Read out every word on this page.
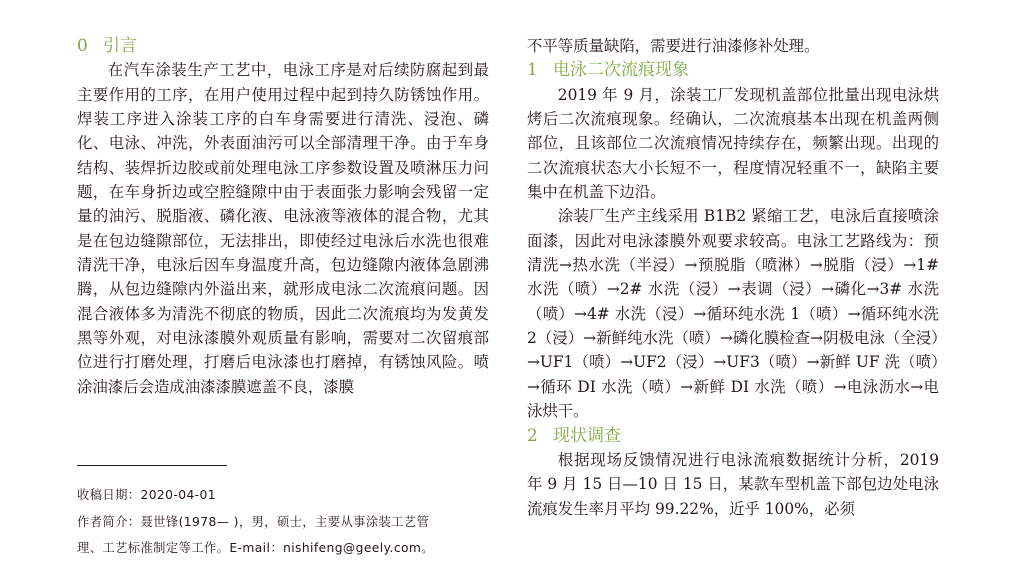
0 引言

在汽车涂装生产工艺中，电泳工序是对后续防腐起到最主要作用的工序，在用户使用过程中起到持久防锈蚀作用。焊装工序进入涂装工序的白车身需要进行清洗、浸泡、磷化、电泳、冲洗，外表面油污可以全部清理干净。由于车身结构、装焊折边胶或前处理电泳工序参数设置及喷淋压力问题，在车身折边或空腔缝隙中由于表面张力影响会残留一定量的油污、脱脂液、磷化液、电泳液等液体的混合物，尤其是在包边缝隙部位，无法排出，即使经过电泳后水洗也很难清洗干净，电泳后因车身温度升高，包边缝隙内液体急剧沸腾，从包边缝隙内外溢出来，就形成电泳二次流痕问题。因混合液体多为清洗不彻底的物质，因此二次流痕均为发黄发黑等外观，对电泳漆膜外观质量有影响，需要对二次留痕部位进行打磨处理，打磨后电泳漆也打磨掉，有锈蚀风险。喷涂油漆后会造成油漆漆膜遮盖不良，漆膜

收稿日期：2020-04-01
作者简介：聂世锋(1978— )，男，硕士，主要从事涂装工艺管
理、工艺标准制定等工作。E-mail：nishifeng@geely.com。

不平等质量缺陷，需要进行油漆修补处理。

1 电泳二次流痕现象

2019 年 9 月，涂装工厂发现机盖部位批量出现电泳烘烤后二次流痕现象。经确认，二次流痕基本出现在机盖两侧部位，且该部位二次流痕情况持续存在，频繁出现。出现的二次流痕状态大小长短不一，程度情况轻重不一，缺陷主要集中在机盖下边沿。

涂装厂生产主线采用 B1B2 紧缩工艺，电泳后直接喷涂面漆，因此对电泳漆膜外观要求较高。电泳工艺路线为：预清洗→热水洗（半浸）→预脱脂（喷淋）→脱脂（浸）→1# 水洗（喷）→2# 水洗（浸）→表调（浸）→磷化→3# 水洗（喷）→4# 水洗（浸）→循环纯水洗 1（喷）→循环纯水洗 2（浸）→新鲜纯水洗（喷）→磷化膜检查→阴极电泳（全浸）→UF1（喷）→UF2（浸）→UF3（喷）→新鲜 UF 洗（喷）→循环 DI 水洗（喷）→新鲜 DI 水洗（喷）→电泳沥水→电泳烘干。

2 现状调查

根据现场反馈情况进行电泳流痕数据统计分析，2019 年 9 月 15 日—10 日 15 日，某款车型机盖下部包边处电泳流痕发生率月平均 99.22%，近乎 100%，必须
